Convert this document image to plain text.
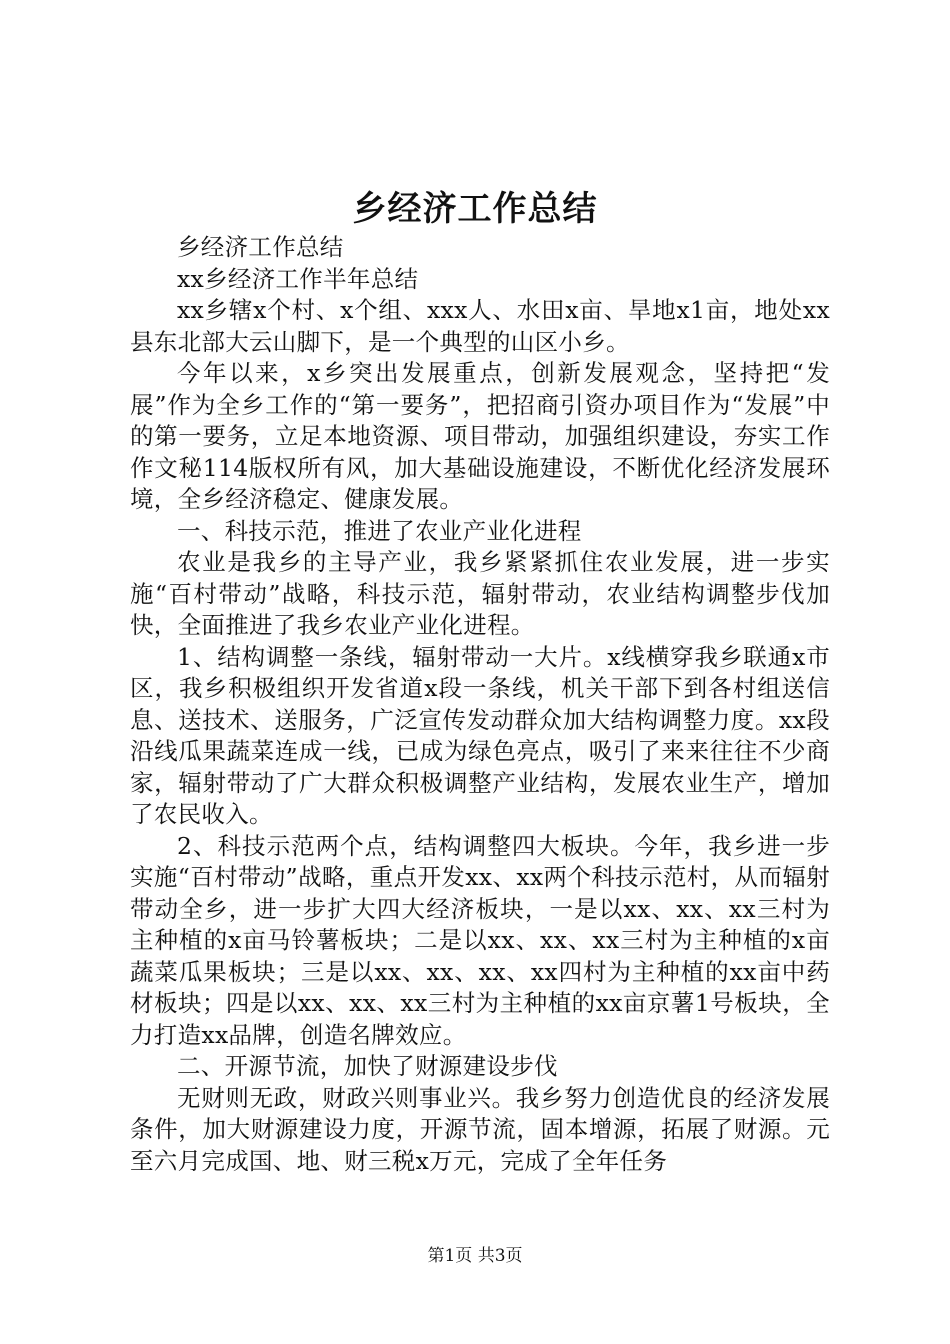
乡经济工作总结

乡经济工作总结

xx乡经济工作半年总结

xx乡辖x个村、x个组、xxx人、水田x亩、旱地x1亩，地处xx县东北部大云山脚下，是一个典型的山区小乡。

今年以来，x乡突出发展重点，创新发展观念，坚持把“发展”作为全乡工作的“第一要务”，把招商引资办项目作为“发展”中的第一要务，立足本地资源、项目带动，加强组织建设，夯实工作作文秘114版权所有风，加大基础设施建设，不断优化经济发展环境，全乡经济稳定、健康发展。

一、科技示范，推进了农业产业化进程

农业是我乡的主导产业，我乡紧紧抓住农业发展，进一步实施“百村带动”战略，科技示范，辐射带动，农业结构调整步伐加快，全面推进了我乡农业产业化进程。

1、结构调整一条线，辐射带动一大片。x线横穿我乡联通x市区，我乡积极组织开发省道x段一条线，机关干部下到各村组送信息、送技术、送服务，广泛宣传发动群众加大结构调整力度。xx段沿线瓜果蔬菜连成一线，已成为绿色亮点，吸引了来来往往不少商家，辐射带动了广大群众积极调整产业结构，发展农业生产，增加了农民收入。

2、科技示范两个点，结构调整四大板块。今年，我乡进一步实施“百村带动”战略，重点开发xx、xx两个科技示范村，从而辐射带动全乡，进一步扩大四大经济板块，一是以xx、xx、xx三村为主种植的x亩马铃薯板块；二是以xx、xx、xx三村为主种植的x亩蔬菜瓜果板块；三是以xx、xx、xx、xx四村为主种植的xx亩中药材板块；四是以xx、xx、xx三村为主种植的xx亩京薯1号板块，全力打造xx品牌，创造名牌效应。

二、开源节流，加快了财源建设步伐

无财则无政，财政兴则事业兴。我乡努力创造优良的经济发展条件，加大财源建设力度，开源节流，固本增源，拓展了财源。元至六月完成国、地、财三税x万元，完成了全年任务

第1页 共3页
